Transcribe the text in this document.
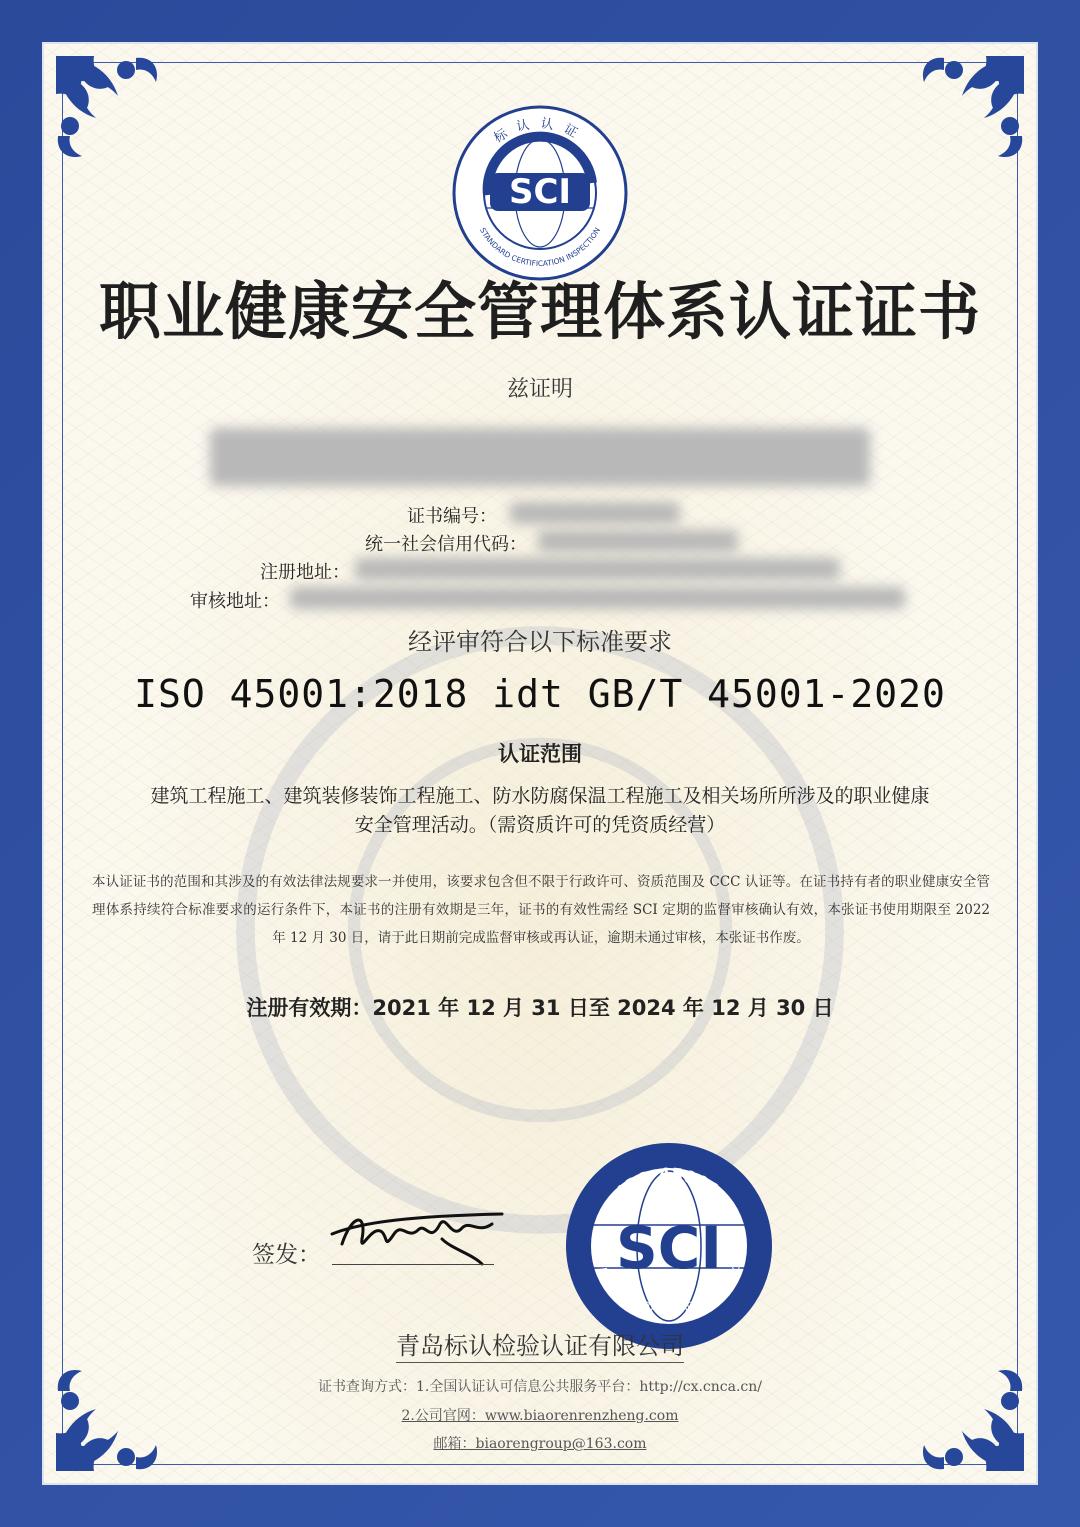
SCI
标认认证
STANDARD CERTIFICATION INSPECTION
职业健康安全管理体系认证证书
兹证明
证书编号：
统一社会信用代码：
注册地址：
审核地址：
经评审符合以下标准要求
ISO 45001:2018 idt GB/T 45001-2020
认证范围
建筑工程施工、建筑装修装饰工程施工、防水防腐保温工程施工及相关场所所涉及的职业健康
安全管理活动。（需资质许可的凭资质经营）
本认证证书的范围和其涉及的有效法律法规要求一并使用，该要求包含但不限于行政许可、资质范围及 CCC 认证等。在证书持有者的职业健康安全管理体系持续符合标准要求的运行条件下，本证书的注册有效期是三年，证书的有效性需经 SCI 定期的监督审核确认有效，本张证书使用期限至 2022 年 12 月 30 日，请于此日期前完成监督审核或再认证，逾期未通过审核，本张证书作废。
注册有效期：2021 年 12 月 31 日至 2024 年 12 月 30 日
签发：	SCI
ISO 45001
STANDARD CERTIFICATION INSPECTION
青岛标认检验认证有限公司
证书查询方式：1.全国认证认可信息公共服务平台：http://cx.cnca.cn/
2.公司官网：www.biaorenrenzheng.com
邮箱：biaorengroup@163.com
